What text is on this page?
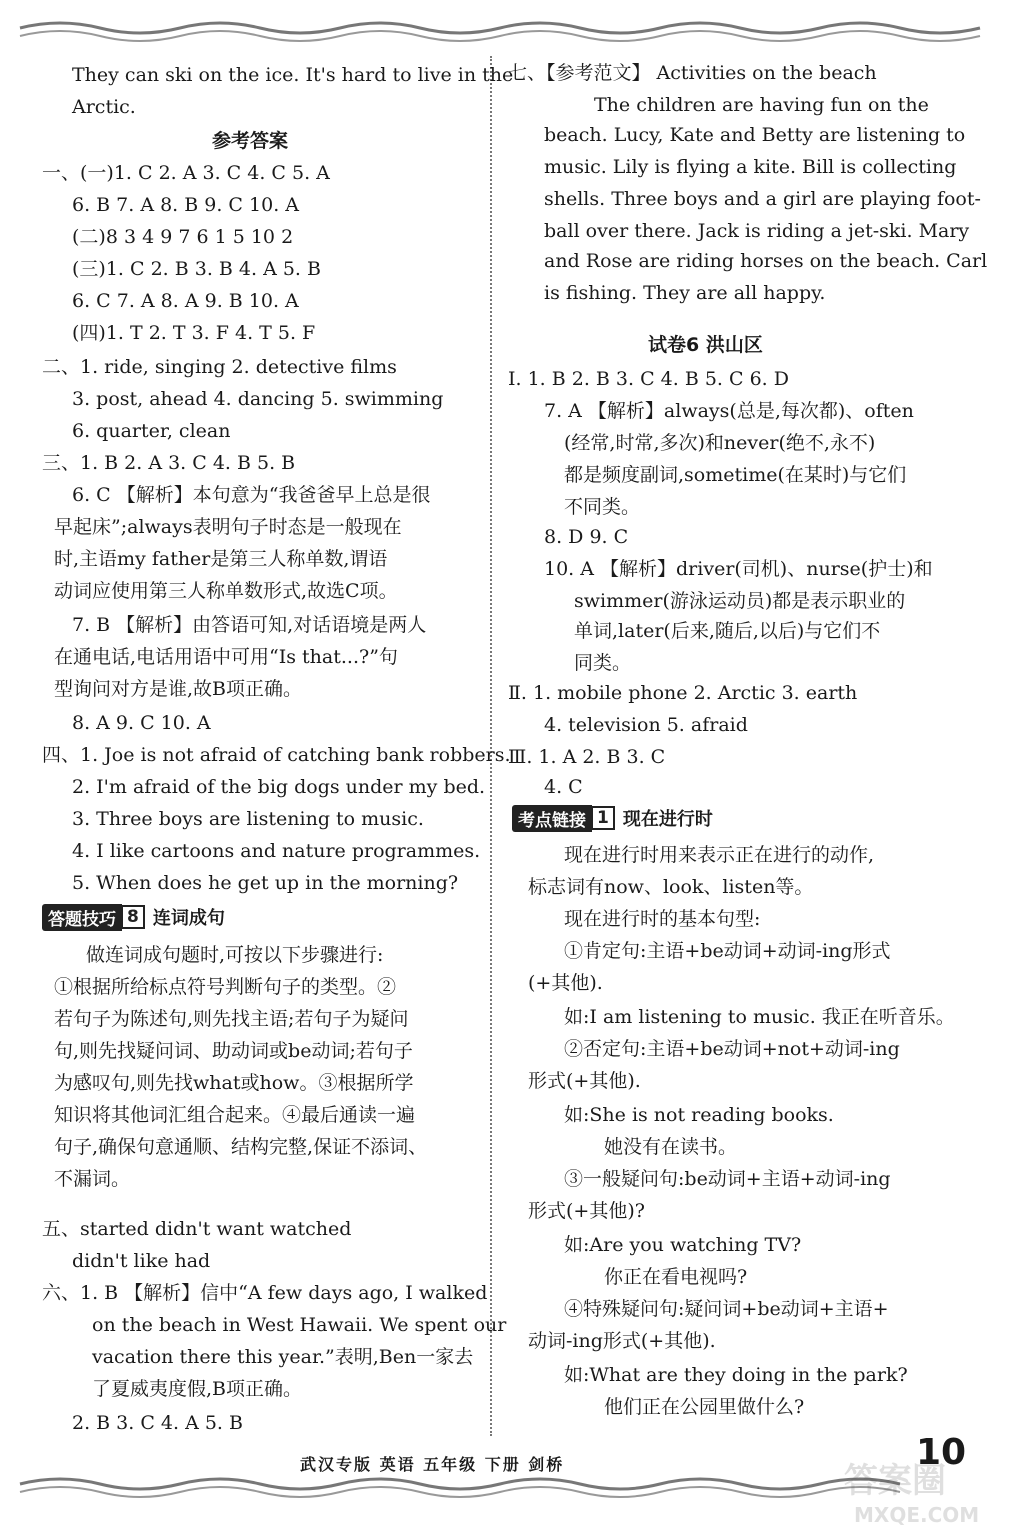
They can ski on the ice. It's hard to live in the
Arctic.
参考答案
一、(一)1. C 2. A 3. C 4. C 5. A
6. B 7. A 8. B 9. C 10. A
(二)8 3 4 9 7 6 1 5 10 2
(三)1. C 2. B 3. B 4. A 5. B
6. C 7. A 8. A 9. B 10. A
(四)1. T 2. T 3. F 4. T 5. F
二、1. ride, singing 2. detective films
3. post, ahead 4. dancing 5. swimming
6. quarter, clean
三、1. B 2. A 3. C 4. B 5. B
6. C 【解析】本句意为“我爸爸早上总是很
早起床”;always表明句子时态是一般现在
时,主语my father是第三人称单数,谓语
动词应使用第三人称单数形式,故选C项。
7. B 【解析】由答语可知,对话语境是两人
在通电话,电话用语中可用“Is that...?”句
型询问对方是谁,故B项正确。
8. A 9. C 10. A
四、1. Joe is not afraid of catching bank robbers.
2. I'm afraid of the big dogs under my bed.
3. Three boys are listening to music.
4. I like cartoons and nature programmes.
5. When does he get up in the morning?
做连词成句题时,可按以下步骤进行:
①根据所给标点符号判断句子的类型。②
若句子为陈述句,则先找主语;若句子为疑问
句,则先找疑问词、助动词或be动词;若句子
为感叹句,则先找what或how。③根据所学
知识将其他词汇组合起来。④最后通读一遍
句子,确保句意通顺、结构完整,保证不添词、
不漏词。
五、started didn't want watched
didn't like had
六、1. B 【解析】信中“A few days ago, I walked
on the beach in West Hawaii. We spent our
vacation there this year.”表明,Ben一家去
了夏威夷度假,B项正确。
2. B 3. C 4. A 5. B
七、【参考范文】 Activities on the beach
The children are having fun on the
beach. Lucy, Kate and Betty are listening to
music. Lily is flying a kite. Bill is collecting
shells. Three boys and a girl are playing foot-
ball over there. Jack is riding a jet-ski. Mary
and Rose are riding horses on the beach. Carl
is fishing. They are all happy.
试卷6 洪山区
Ⅰ. 1. B 2. B 3. C 4. B 5. C 6. D
7. A 【解析】always(总是,每次都)、often
(经常,时常,多次)和never(绝不,永不)
都是频度副词,sometime(在某时)与它们
不同类。
8. D 9. C
10. A 【解析】driver(司机)、nurse(护士)和
swimmer(游泳运动员)都是表示职业的
单词,later(后来,随后,以后)与它们不
同类。
Ⅱ. 1. mobile phone 2. Arctic 3. earth
4. television 5. afraid
Ⅲ. 1. A 2. B 3. C
4. C
现在进行时用来表示正在进行的动作,
标志词有now、look、listen等。
现在进行时的基本句型:
①肯定句:主语+be动词+动词-ing形式
(+其他).
如:I am listening to music. 我正在听音乐。
②否定句:主语+be动词+not+动词-ing
形式(+其他).
如:She is not reading books.
她没有在读书。
③一般疑问句:be动词+主语+动词-ing
形式(+其他)?
如:Are you watching TV?
你正在看电视吗?
④特殊疑问句:疑问词+be动词+主语+
动词-ing形式(+其他).
如:What are they doing in the park?
他们正在公园里做什么?
答题技巧 8 连词成句
考点链接 1 现在进行时
武汉专版 英语 五年级 下册 剑桥	10
答案圈
MXQE.COM
